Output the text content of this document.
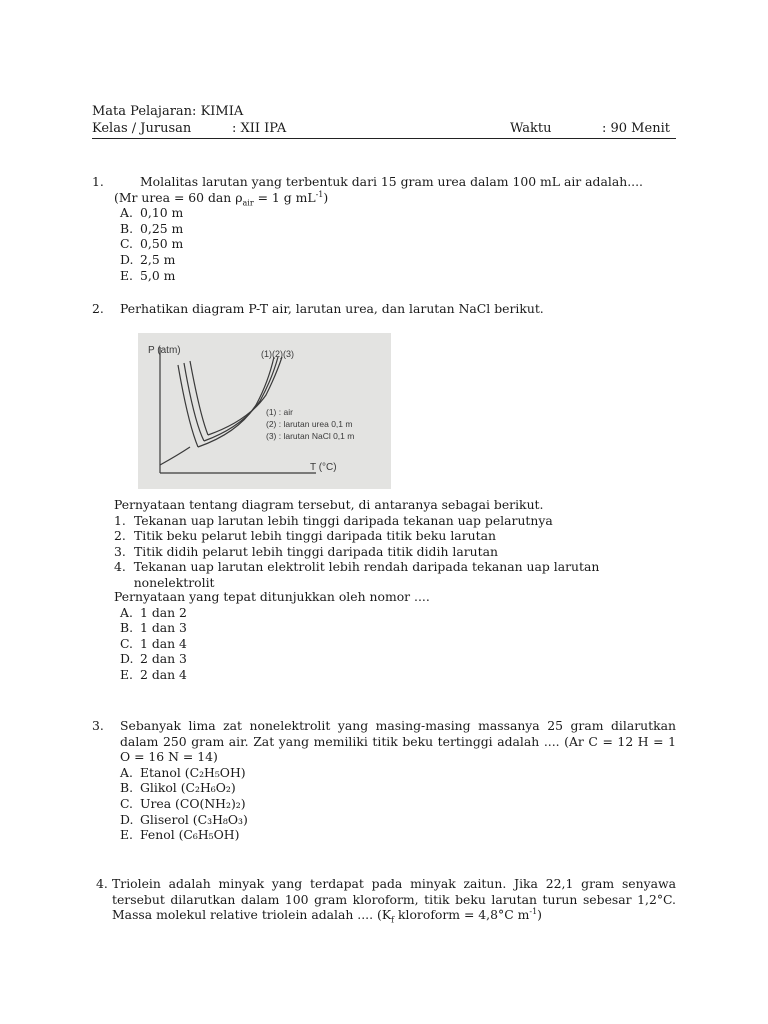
Mata Pelajaran: KIMIA
Kelas / Jurusan	: XII IPA	Waktu	: 90 Menit
1.	Molalitas larutan yang terbentuk dari 15 gram urea dalam 100 mL air adalah....
(Mr urea = 60 dan $\rho_{air} = 1$ g $mL^{-1}$)
A. 0,10 m
B. 0,25 m
C. 0,50 m
D. 2,5 m
E. 5,0 m
2. Perhatikan diagram P-T air, larutan urea, dan larutan NaCl berikut.
P (atm)
T (°C)
(1)(2)(3)
(1) : air
(2) : larutan urea 0,1 m
(3) : larutan NaCl 0,1 m
Pernyataan tentang diagram tersebut, di antaranya sebagai berikut.
1. Tekanan uap larutan lebih tinggi daripada tekanan uap pelarutnya
2. Titik beku pelarut lebih tinggi daripada titik beku larutan
3. Titik didih pelarut lebih tinggi daripada titik didih larutan
4. Tekanan uap larutan elektrolit lebih rendah daripada tekanan uap larutan nonelektrolit
Pernyataan yang tepat ditunjukkan oleh nomor ....
A. 1 dan 2
B. 1 dan 3
C. 1 dan 4
D. 2 dan 3
E. 2 dan 4
3. Sebanyak lima zat nonelektrolit yang masing-masing massanya 25 gram dilarutkan dalam 250 gram air. Zat yang memiliki titik beku tertinggi adalah .... (Ar C = 12 H = 1 O = 16 N = 14)
A. Etanol (C₂H₅OH)
B. Glikol (C₂H₆O₂)
C. Urea (CO(NH₂)₂)
D. Gliserol (C₃H₈O₃)
E. Fenol (C₆H₅OH)
4. Triolein adalah minyak yang terdapat pada minyak zaitun. Jika 22,1 gram senyawa tersebut dilarutkan dalam 100 gram kloroform, titik beku larutan turun sebesar 1,2°C. Massa molekul relative triolein adalah .... ($K_f$ kloroform = 4,8°C $m^{-1}$)
